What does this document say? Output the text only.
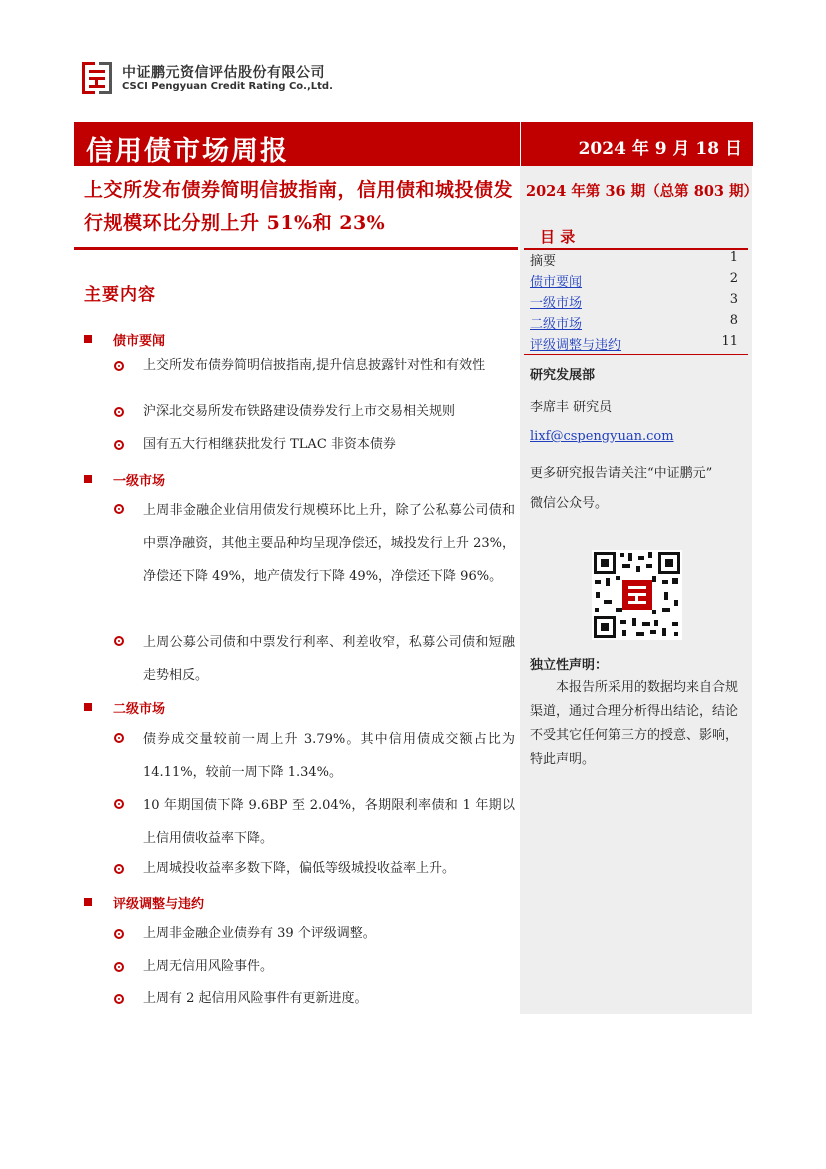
中证鹏元资信评估股份有限公司
CSCI Pengyuan Credit Rating Co.,Ltd.
信用债市场周报	2024 年 9 月 18 日
上交所发布债券简明信披指南，信用债和城投债发行规模环比分别上升 51%和 23%
2024 年第 36 期（总第 803 期）
目 录
摘要	1
债市要闻	2
一级市场	3
二级市场	8
评级调整与违约	11
研究发展部
李席丰 研究员
lixf@cspengyuan.com
更多研究报告请关注“中证鹏元”
微信公众号。
独立性声明：
本报告所采用的数据均来自合规渠道，通过合理分析得出结论，结论不受其它任何第三方的授意、影响，特此声明。
主要内容
债市要闻
上交所发布债券简明信披指南,提升信息披露针对性和有效性
沪深北交易所发布铁路建设债券发行上市交易相关规则
国有五大行相继获批发行 TLAC 非资本债券
一级市场
上周非金融企业信用债发行规模环比上升，除了公私募公司债和中票净融资，其他主要品种均呈现净偿还，城投发行上升 23%，净偿还下降 49%，地产债发行下降 49%，净偿还下降 96%。
上周公募公司债和中票发行利率、利差收窄，私募公司债和短融走势相反。
二级市场
债券成交量较前一周上升 3.79%。其中信用债成交额占比为 14.11%，较前一周下降 1.34%。
10 年期国债下降 9.6BP 至 2.04%，各期限利率债和 1 年期以上信用债收益率下降。
上周城投收益率多数下降，偏低等级城投收益率上升。
评级调整与违约
上周非金融企业债券有 39 个评级调整。
上周无信用风险事件。
上周有 2 起信用风险事件有更新进度。
